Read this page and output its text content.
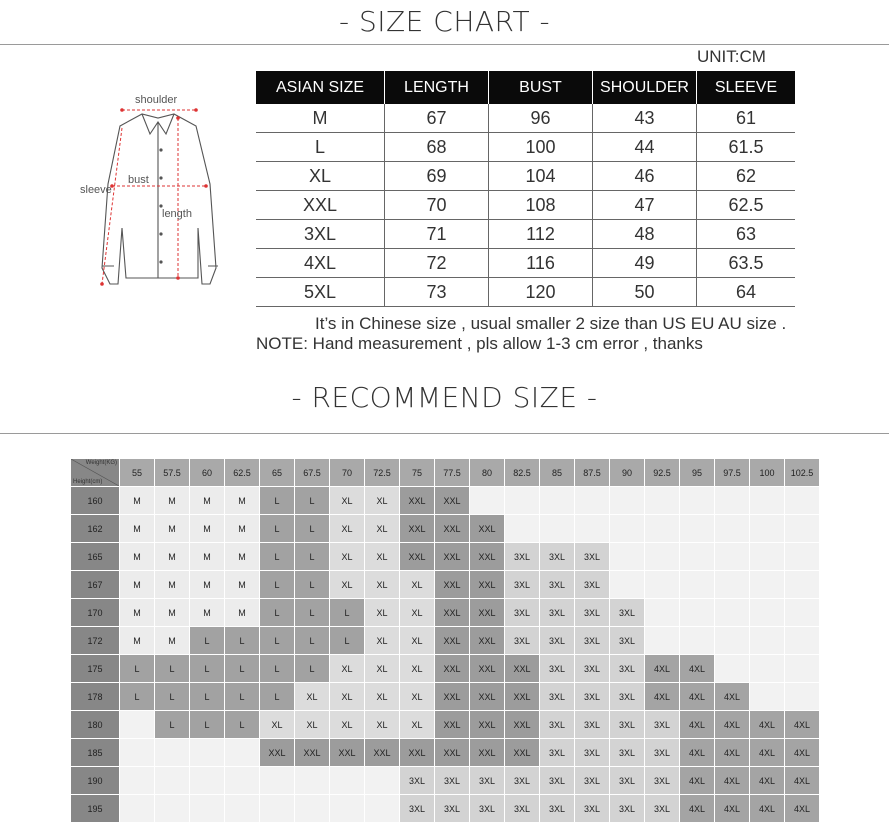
- SIZE CHART -
UNIT:CM
shoulder
bust
sleeve
length
ASIAN SIZE	LENGTH	BUST	SHOULDER	SLEEVE
M	67	96	43	61
L	68	100	44	61.5
XL	69	104	46	62
XXL	70	108	47	62.5
3XL	71	112	48	63
4XL	72	116	49	63.5
5XL	73	120	50	64
It’s in Chinese size , usual smaller 2 size than US EU AU size .
NOTE: Hand measurement , pls allow 1-3 cm error , thanks
- RECOMMEND SIZE -
Weight(KG)
Height(cm)	55	57.5	60	62.5	65	67.5	70	72.5	75	77.5	80	82.5	85	87.5	90	92.5	95	97.5	100	102.5
160	M	M	M	M	L	L	XL	XL	XXL	XXL										
162	M	M	M	M	L	L	XL	XL	XXL	XXL	XXL									
165	M	M	M	M	L	L	XL	XL	XXL	XXL	XXL	3XL	3XL	3XL						
167	M	M	M	M	L	L	XL	XL	XL	XXL	XXL	3XL	3XL	3XL						
170	M	M	M	M	L	L	L	XL	XL	XXL	XXL	3XL	3XL	3XL	3XL					
172	M	M	L	L	L	L	L	XL	XL	XXL	XXL	3XL	3XL	3XL	3XL					
175	L	L	L	L	L	L	XL	XL	XL	XXL	XXL	XXL	3XL	3XL	3XL	4XL	4XL			
178	L	L	L	L	L	XL	XL	XL	XL	XXL	XXL	XXL	3XL	3XL	3XL	4XL	4XL	4XL		
180		L	L	L	XL	XL	XL	XL	XL	XXL	XXL	XXL	3XL	3XL	3XL	3XL	4XL	4XL	4XL	4XL
185					XXL	XXL	XXL	XXL	XXL	XXL	XXL	XXL	3XL	3XL	3XL	3XL	4XL	4XL	4XL	4XL
190									3XL	3XL	3XL	3XL	3XL	3XL	3XL	3XL	4XL	4XL	4XL	4XL
195									3XL	3XL	3XL	3XL	3XL	3XL	3XL	3XL	4XL	4XL	4XL	4XL
